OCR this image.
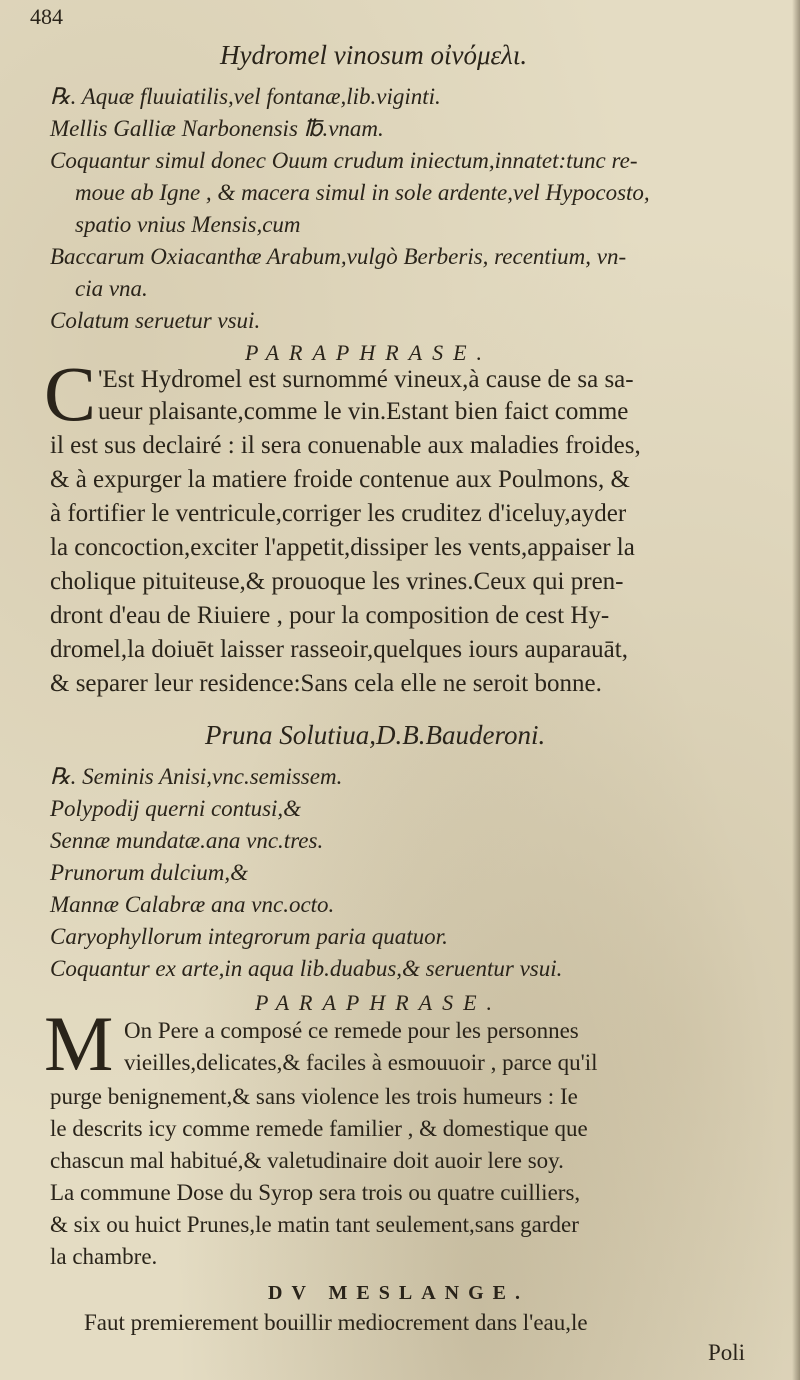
484
Hydromel vinosum οἰνόμελι.
℞. Aquæ fluuiatilis,vel fontanæ,lib.viginti.
Mellis Galliæ Narbonensis ℔.vnam.
Coquantur simul donec Ouum crudum iniectum,innatet:tunc re-
moue ab Igne , & macera simul in sole ardente,vel Hypocosto,
spatio vnius Mensis,cum
Baccarum Oxiacanthæ Arabum,vulgò Berberis, recentium, vn-
cia vna.
Colatum seruetur vsui.
PARAPHRASE.
C 'Est Hydromel est surnommé vineux,à cause de sa sa-
ueur plaisante,comme le vin.Estant bien faict comme
il est sus declairé : il sera conuenable aux maladies froides,
& à expurger la matiere froide contenue aux Poulmons, &
à fortifier le ventricule,corriger les cruditez d'iceluy,ayder
la concoction,exciter l'appetit,dissiper les vents,appaiser la
cholique pituiteuse,& prouoque les vrines.Ceux qui pren-
dront d'eau de Riuiere , pour la composition de cest Hy-
dromel,la doiuēt laisser rasseoir,quelques iours auparauāt,
& separer leur residence:Sans cela elle ne seroit bonne.
Pruna Solutiua,D.B.Bauderoni.
℞. Seminis Anisi,vnc.semissem.
Polypodij querni contusi,&
Sennæ mundatæ.ana vnc.tres.
Prunorum dulcium,&
Mannæ Calabræ ana vnc.octo.
Caryophyllorum integrorum paria quatuor.
Coquantur ex arte,in aqua lib.duabus,& seruentur vsui.
PARAPHRASE.
M On Pere a composé ce remede pour les personnes
vieilles,delicates,& faciles à esmouuoir , parce qu'il
purge benignement,& sans violence les trois humeurs : Ie
le descrits icy comme remede familier , & domestique que
chascun mal habitué,& valetudinaire doit auoir lere soy.
La commune Dose du Syrop sera trois ou quatre cuilliers,
& six ou huict Prunes,le matin tant seulement,sans garder
la chambre.
DV MESLANGE.
Faut premierement bouillir mediocrement dans l'eau,le
Poli
